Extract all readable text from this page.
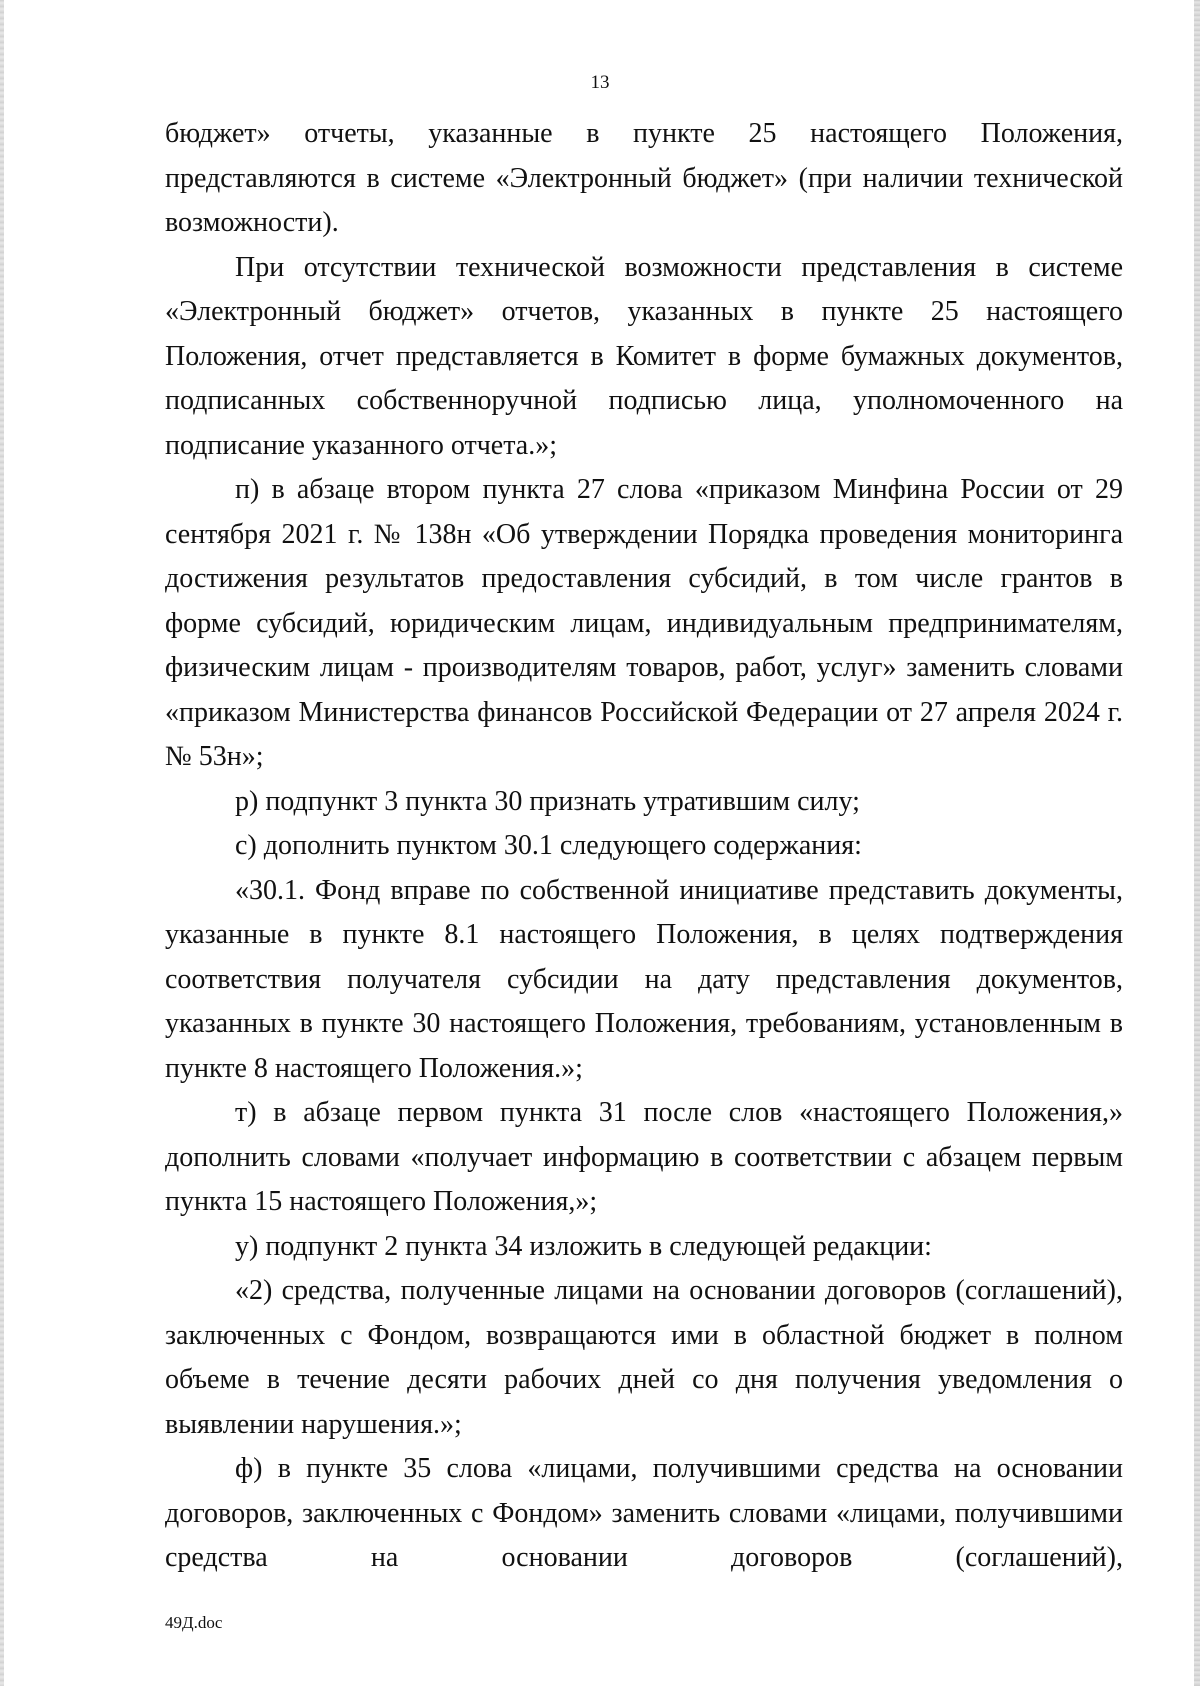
13

бюджет» отчеты, указанные в пункте 25 настоящего Положения, представляются в системе «Электронный бюджет» (при наличии технической возможности).

При отсутствии технической возможности представления в системе «Электронный бюджет» отчетов, указанных в пункте 25 настоящего Положения, отчет представляется в Комитет в форме бумажных документов, подписанных собственноручной подписью лица, уполномоченного на подписание указанного отчета.»;

п) в абзаце втором пункта 27 слова «приказом Минфина России от 29 сентября 2021 г. № 138н «Об утверждении Порядка проведения мониторинга достижения результатов предоставления субсидий, в том числе грантов в форме субсидий, юридическим лицам, индивидуальным предпринимателям, физическим лицам - производителям товаров, работ, услуг» заменить словами «приказом Министерства финансов Российской Федерации от 27 апреля 2024 г. № 53н»;

р) подпункт 3 пункта 30 признать утратившим силу;

с) дополнить пунктом 30.1 следующего содержания:

«30.1. Фонд вправе по собственной инициативе представить документы, указанные в пункте 8.1 настоящего Положения, в целях подтверждения соответствия получателя субсидии на дату представления документов, указанных в пункте 30 настоящего Положения, требованиям, установленным в пункте 8 настоящего Положения.»;

т) в абзаце первом пункта 31 после слов «настоящего Положения,» дополнить словами «получает информацию в соответствии с абзацем первым пункта 15 настоящего Положения,»;

у) подпункт 2 пункта 34 изложить в следующей редакции:

«2) средства, полученные лицами на основании договоров (соглашений), заключенных с Фондом, возвращаются ими в областной бюджет в полном объеме в течение десяти рабочих дней со дня получения уведомления о выявлении нарушения.»;

ф) в пункте 35 слова «лицами, получившими средства на основании договоров, заключенных с Фондом» заменить словами «лицами, получившими средства на основании договоров (соглашений),

49Д.doc
